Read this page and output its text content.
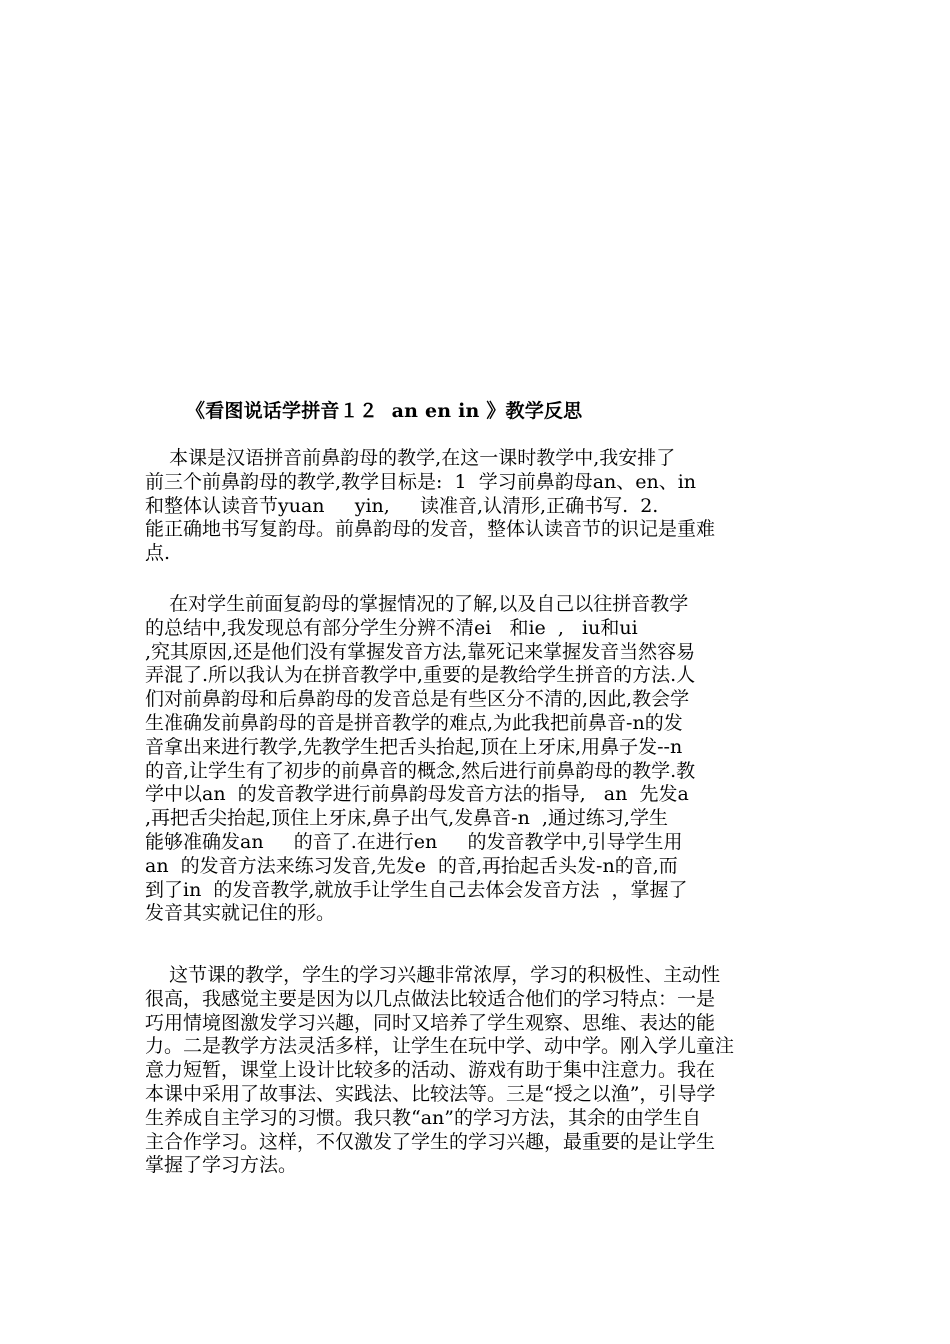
《看图说话学拼音１２  an en in 》教学反思
本课是汉语拼音前鼻韵母的教学,在这一课时教学中,我安排了
前三个前鼻韵母的教学,教学目标是:  1  学习前鼻韵母an、en、in
和整体认读音节yuan     yin,     读准音,认清形,正确书写.  2.
能正确地书写复韵母。前鼻韵母的发音，整体认读音节的识记是重难
点.
在对学生前面复韵母的掌握情况的了解,以及自己以往拼音教学
的总结中,我发现总有部分学生分辨不清ei   和ie  ,   iu和ui
,究其原因,还是他们没有掌握发音方法,靠死记来掌握发音当然容易
弄混了.所以我认为在拼音教学中,重要的是教给学生拼音的方法.人
们对前鼻韵母和后鼻韵母的发音总是有些区分不清的,因此,教会学
生准确发前鼻韵母的音是拼音教学的难点,为此我把前鼻音-n的发
音拿出来进行教学,先教学生把舌头抬起,顶在上牙床,用鼻子发--n
的音,让学生有了初步的前鼻音的概念,然后进行前鼻韵母的教学.教
学中以an  的发音教学进行前鼻韵母发音方法的指导,   an  先发a
,再把舌尖抬起,顶住上牙床,鼻子出气,发鼻音-n  ,通过练习,学生
能够准确发an     的音了.在进行en     的发音教学中,引导学生用
an  的发音方法来练习发音,先发e  的音,再抬起舌头发-n的音,而
到了in  的发音教学,就放手让学生自己去体会发音方法  ，掌握了
发音其实就记住的形。
这节课的教学，学生的学习兴趣非常浓厚，学习的积极性、主动性
很高，我感觉主要是因为以几点做法比较适合他们的学习特点：一是
巧用情境图激发学习兴趣，同时又培养了学生观察、思维、表达的能
力。二是教学方法灵活多样，让学生在玩中学、动中学。刚入学儿童注
意力短暂，课堂上设计比较多的活动、游戏有助于集中注意力。我在
本课中采用了故事法、实践法、比较法等。三是“授之以渔”，引导学
生养成自主学习的习惯。我只教“an”的学习方法，其余的由学生自
主合作学习。这样，不仅激发了学生的学习兴趣，最重要的是让学生
掌握了学习方法。
